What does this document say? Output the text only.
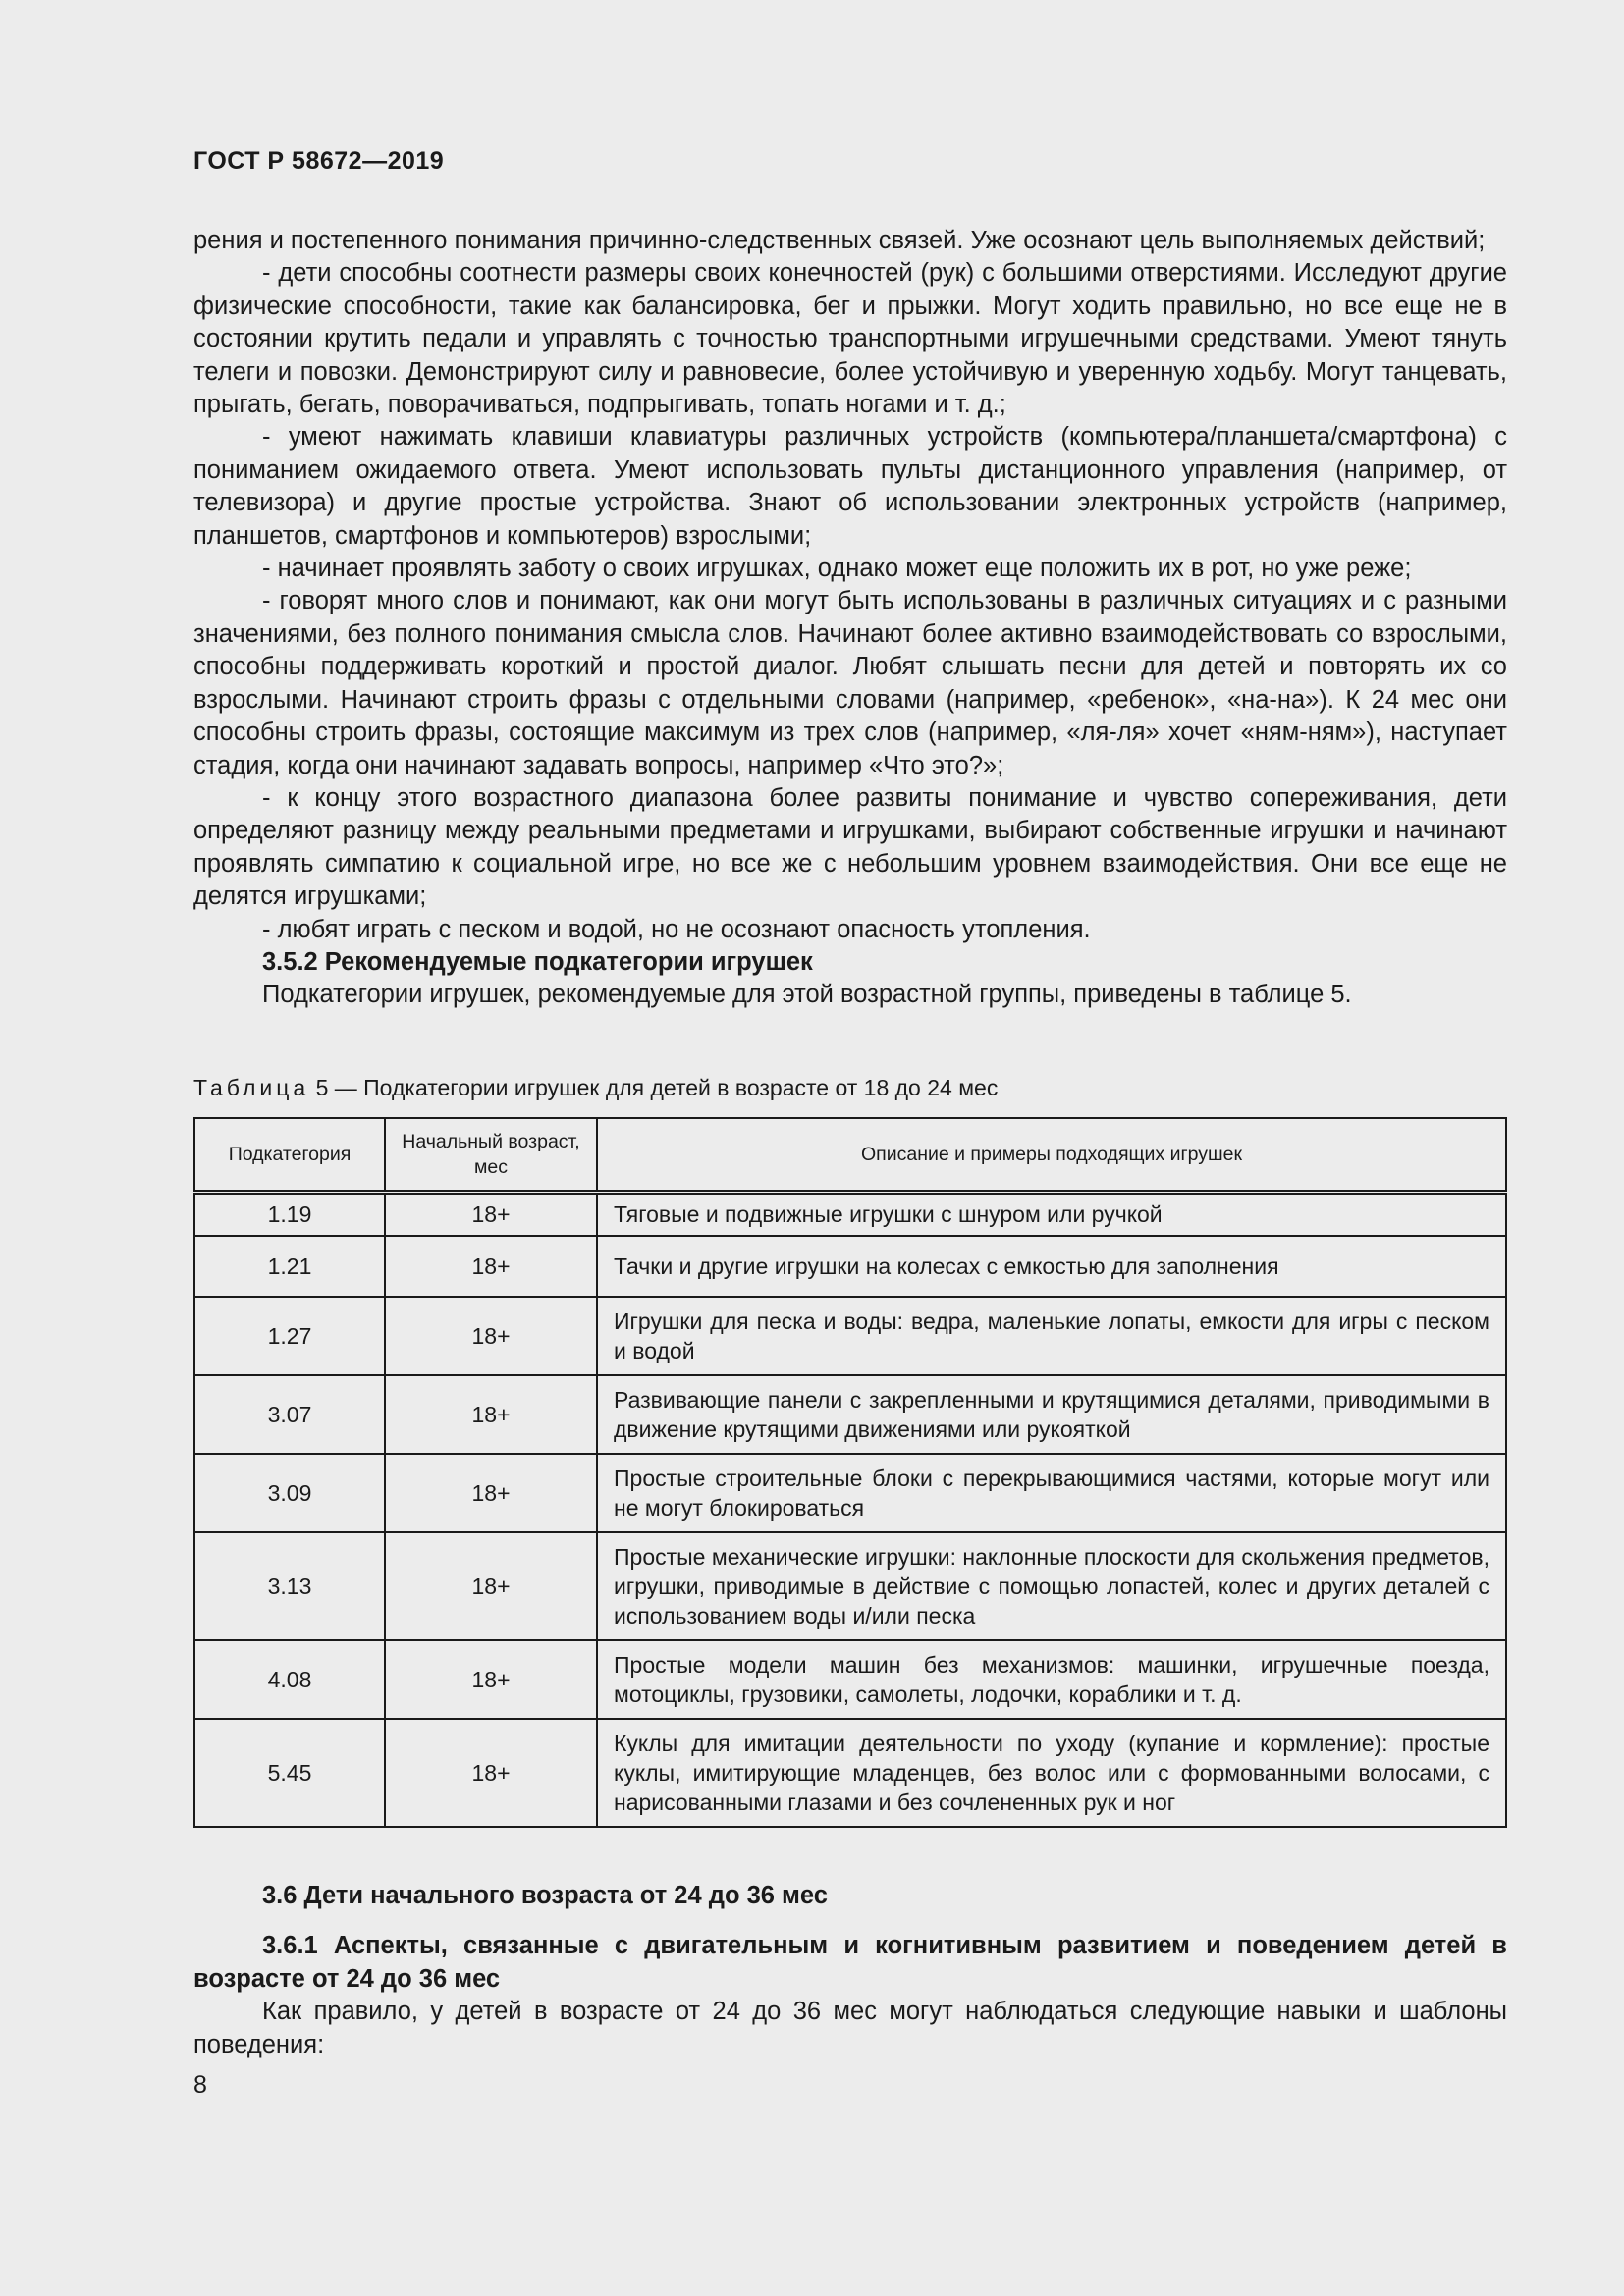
ГОСТ Р 58672—2019

рения и постепенного понимания причинно-следственных связей. Уже осознают цель выполняемых действий;

- дети способны соотнести размеры своих конечностей (рук) с большими отверстиями. Исследуют другие физические способности, такие как балансировка, бег и прыжки. Могут ходить правильно, но все еще не в состоянии крутить педали и управлять с точностью транспортными игрушечными средствами. Умеют тянуть телеги и повозки. Демонстрируют силу и равновесие, более устойчивую и уверенную ходьбу. Могут танцевать, прыгать, бегать, поворачиваться, подпрыгивать, топать ногами и т. д.;

- умеют нажимать клавиши клавиатуры различных устройств (компьютера/планшета/смартфона) с пониманием ожидаемого ответа. Умеют использовать пульты дистанционного управления (например, от телевизора) и другие простые устройства. Знают об использовании электронных устройств (например, планшетов, смартфонов и компьютеров) взрослыми;

- начинает проявлять заботу о своих игрушках, однако может еще положить их в рот, но уже реже;

- говорят много слов и понимают, как они могут быть использованы в различных ситуациях и с разными значениями, без полного понимания смысла слов. Начинают более активно взаимодействовать со взрослыми, способны поддерживать короткий и простой диалог. Любят слышать песни для детей и повторять их со взрослыми. Начинают строить фразы с отдельными словами (например, «ребенок», «на-на»). К 24 мес они способны строить фразы, состоящие максимум из трех слов (например, «ля-ля» хочет «ням-ням»), наступает стадия, когда они начинают задавать вопросы, например «Что это?»;

- к концу этого возрастного диапазона более развиты понимание и чувство сопереживания, дети определяют разницу между реальными предметами и игрушками, выбирают собственные игрушки и начинают проявлять симпатию к социальной игре, но все же с небольшим уровнем взаимодействия. Они все еще не делятся игрушками;

- любят играть с песком и водой, но не осознают опасность утопления.

3.5.2 Рекомендуемые подкатегории игрушек

Подкатегории игрушек, рекомендуемые для этой возрастной группы, приведены в таблице 5.

Таблица 5 — Подкатегории игрушек для детей в возрасте от 18 до 24 мес
Подкатегория	Начальный возраст, мес	Описание и примеры подходящих игрушек
1.19	18+	Тяговые и подвижные игрушки с шнуром или ручкой
1.21	18+	Тачки и другие игрушки на колесах с емкостью для заполнения
1.27	18+	Игрушки для песка и воды: ведра, маленькие лопаты, емкости для игры с песком и водой
3.07	18+	Развивающие панели с закрепленными и крутящимися деталями, приводимыми в движение крутящими движениями или рукояткой
3.09	18+	Простые строительные блоки с перекрывающимися частями, которые могут или не могут блокироваться
3.13	18+	Простые механические игрушки: наклонные плоскости для скольжения предметов, игрушки, приводимые в действие с помощью лопастей, колес и других деталей с использованием воды и/или песка
4.08	18+	Простые модели машин без механизмов: машинки, игрушечные поезда, мотоциклы, грузовики, самолеты, лодочки, кораблики и т. д.
5.45	18+	Куклы для имитации деятельности по уходу (купание и кормление): простые куклы, имитирующие младенцев, без волос или с формованными волосами, с нарисованными глазами и без сочлененных рук и ног

3.6 Дети начального возраста от 24 до 36 мес

3.6.1 Аспекты, связанные с двигательным и когнитивным развитием и поведением детей в возрасте от 24 до 36 мес

Как правило, у детей в возрасте от 24 до 36 мес могут наблюдаться следующие навыки и шаблоны поведения:

8
